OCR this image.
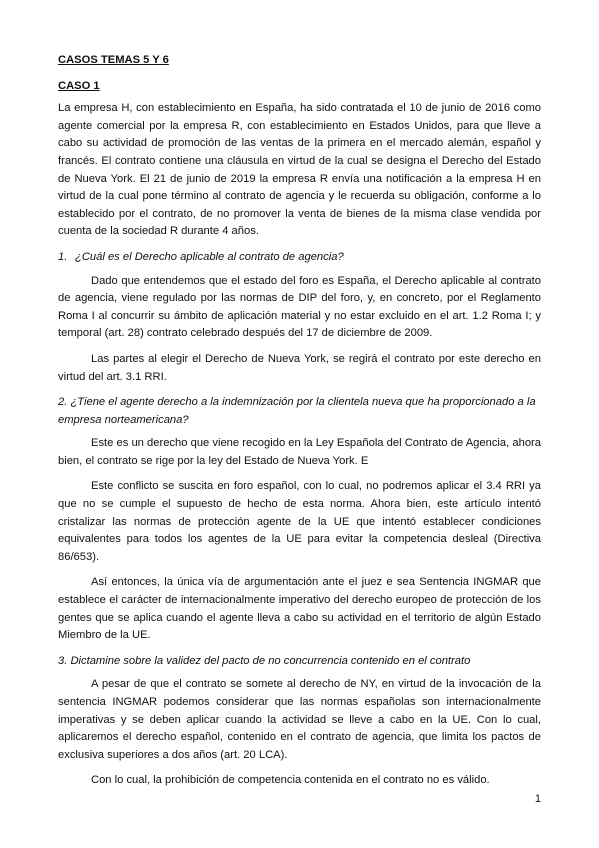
CASOS TEMAS 5 Y 6
CASO 1

La empresa H, con establecimiento en España, ha sido contratada el 10 de junio de 2016 como agente comercial por la empresa R, con establecimiento en Estados Unidos, para que lleve a cabo su actividad de promoción de las ventas de la primera en el mercado alemán, español y francés. El contrato contiene una cláusula en virtud de la cual se designa el Derecho del Estado de Nueva York. El 21 de junio de 2019 la empresa R envía una notificación a la empresa H en virtud de la cual pone término al contrato de agencia y le recuerda su obligación, conforme a lo establecido por el contrato, de no promover la venta de bienes de la misma clase vendida por cuenta de la sociedad R durante 4 años.

1. ¿Cuál es el Derecho aplicable al contrato de agencia?

Dado que entendemos que el estado del foro es España, el Derecho aplicable al contrato de agencia, viene regulado por las normas de DIP del foro, y, en concreto, por el Reglamento Roma I al concurrir su ámbito de aplicación material y no estar excluido en el art. 1.2 Roma I; y temporal (art. 28) contrato celebrado después del 17 de diciembre de 2009.

Las partes al elegir el Derecho de Nueva York, se regirá el contrato por este derecho en virtud del art. 3.1 RRI.

2. ¿Tiene el agente derecho a la indemnización por la clientela nueva que ha proporcionado a la empresa norteamericana?

Este es un derecho que viene recogido en la Ley Española del Contrato de Agencia, ahora bien, el contrato se rige por la ley del Estado de Nueva York. E

Este conflicto se suscita en foro español, con lo cual, no podremos aplicar el 3.4 RRI ya que no se cumple el supuesto de hecho de esta norma. Ahora bien, este artículo intentó cristalizar las normas de protección agente de la UE que intentó establecer condiciones equivalentes para todos los agentes de la UE para evitar la competencia desleal (Directiva 86/653).

Así entonces, la única vía de argumentación ante el juez e sea Sentencia INGMAR que establece el carácter de internacionalmente imperativo del derecho europeo de protección de los gentes que se aplica cuando el agente lleva a cabo su actividad en el territorio de algún Estado Miembro de la UE.

3. Dictamine sobre la validez del pacto de no concurrencia contenido en el contrato

A pesar de que el contrato se somete al derecho de NY, en virtud de la invocación de la sentencia INGMAR podemos considerar que las normas españolas son internacionalmente imperativas y se deben aplicar cuando la actividad se lleve a cabo en la UE. Con lo cual, aplicaremos el derecho español, contenido en el contrato de agencia, que limita los pactos de exclusiva superiores a dos años (art. 20 LCA).

Con lo cual, la prohibición de competencia contenida en el contrato no es válido.

1
